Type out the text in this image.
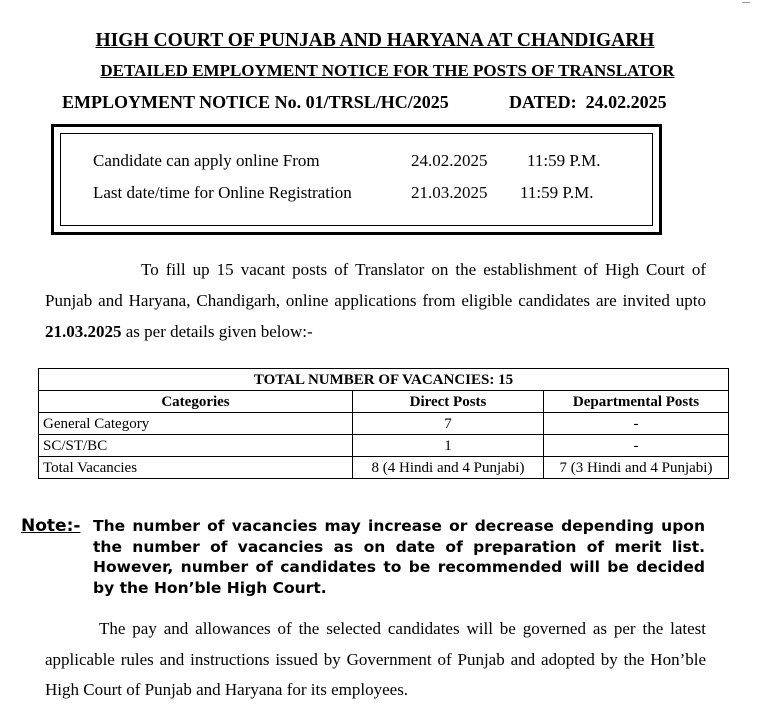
HIGH COURT OF PUNJAB AND HARYANA AT CHANDIGARH
DETAILED EMPLOYMENT NOTICE FOR THE POSTS OF TRANSLATOR
EMPLOYMENT NOTICE No. 01/TRSL/HC/2025	DATED: 24.02.2025
Candidate can apply online From	24.02.2025 11:59 P.M.
Last date/time for Online Registration	21.03.2025 11:59 P.M.
To fill up 15 vacant posts of Translator on the establishment of High Court of Punjab and Haryana, Chandigarh, online applications from eligible candidates are invited upto 21.03.2025 as per details given below:-
TOTAL NUMBER OF VACANCIES: 15		
Categories	Direct Posts	Departmental Posts
General Category	7	-
SC/ST/BC	1	-
Total Vacancies	8 (4 Hindi and 4 Punjabi)	7 (3 Hindi and 4 Punjabi)
Note:- The number of vacancies may increase or decrease depending upon the number of vacancies as on date of preparation of merit list. However, number of candidates to be recommended will be decided by the Hon’ble High Court.
The pay and allowances of the selected candidates will be governed as per the latest applicable rules and instructions issued by Government of Punjab and adopted by the Hon’ble High Court of Punjab and Haryana for its employees.
